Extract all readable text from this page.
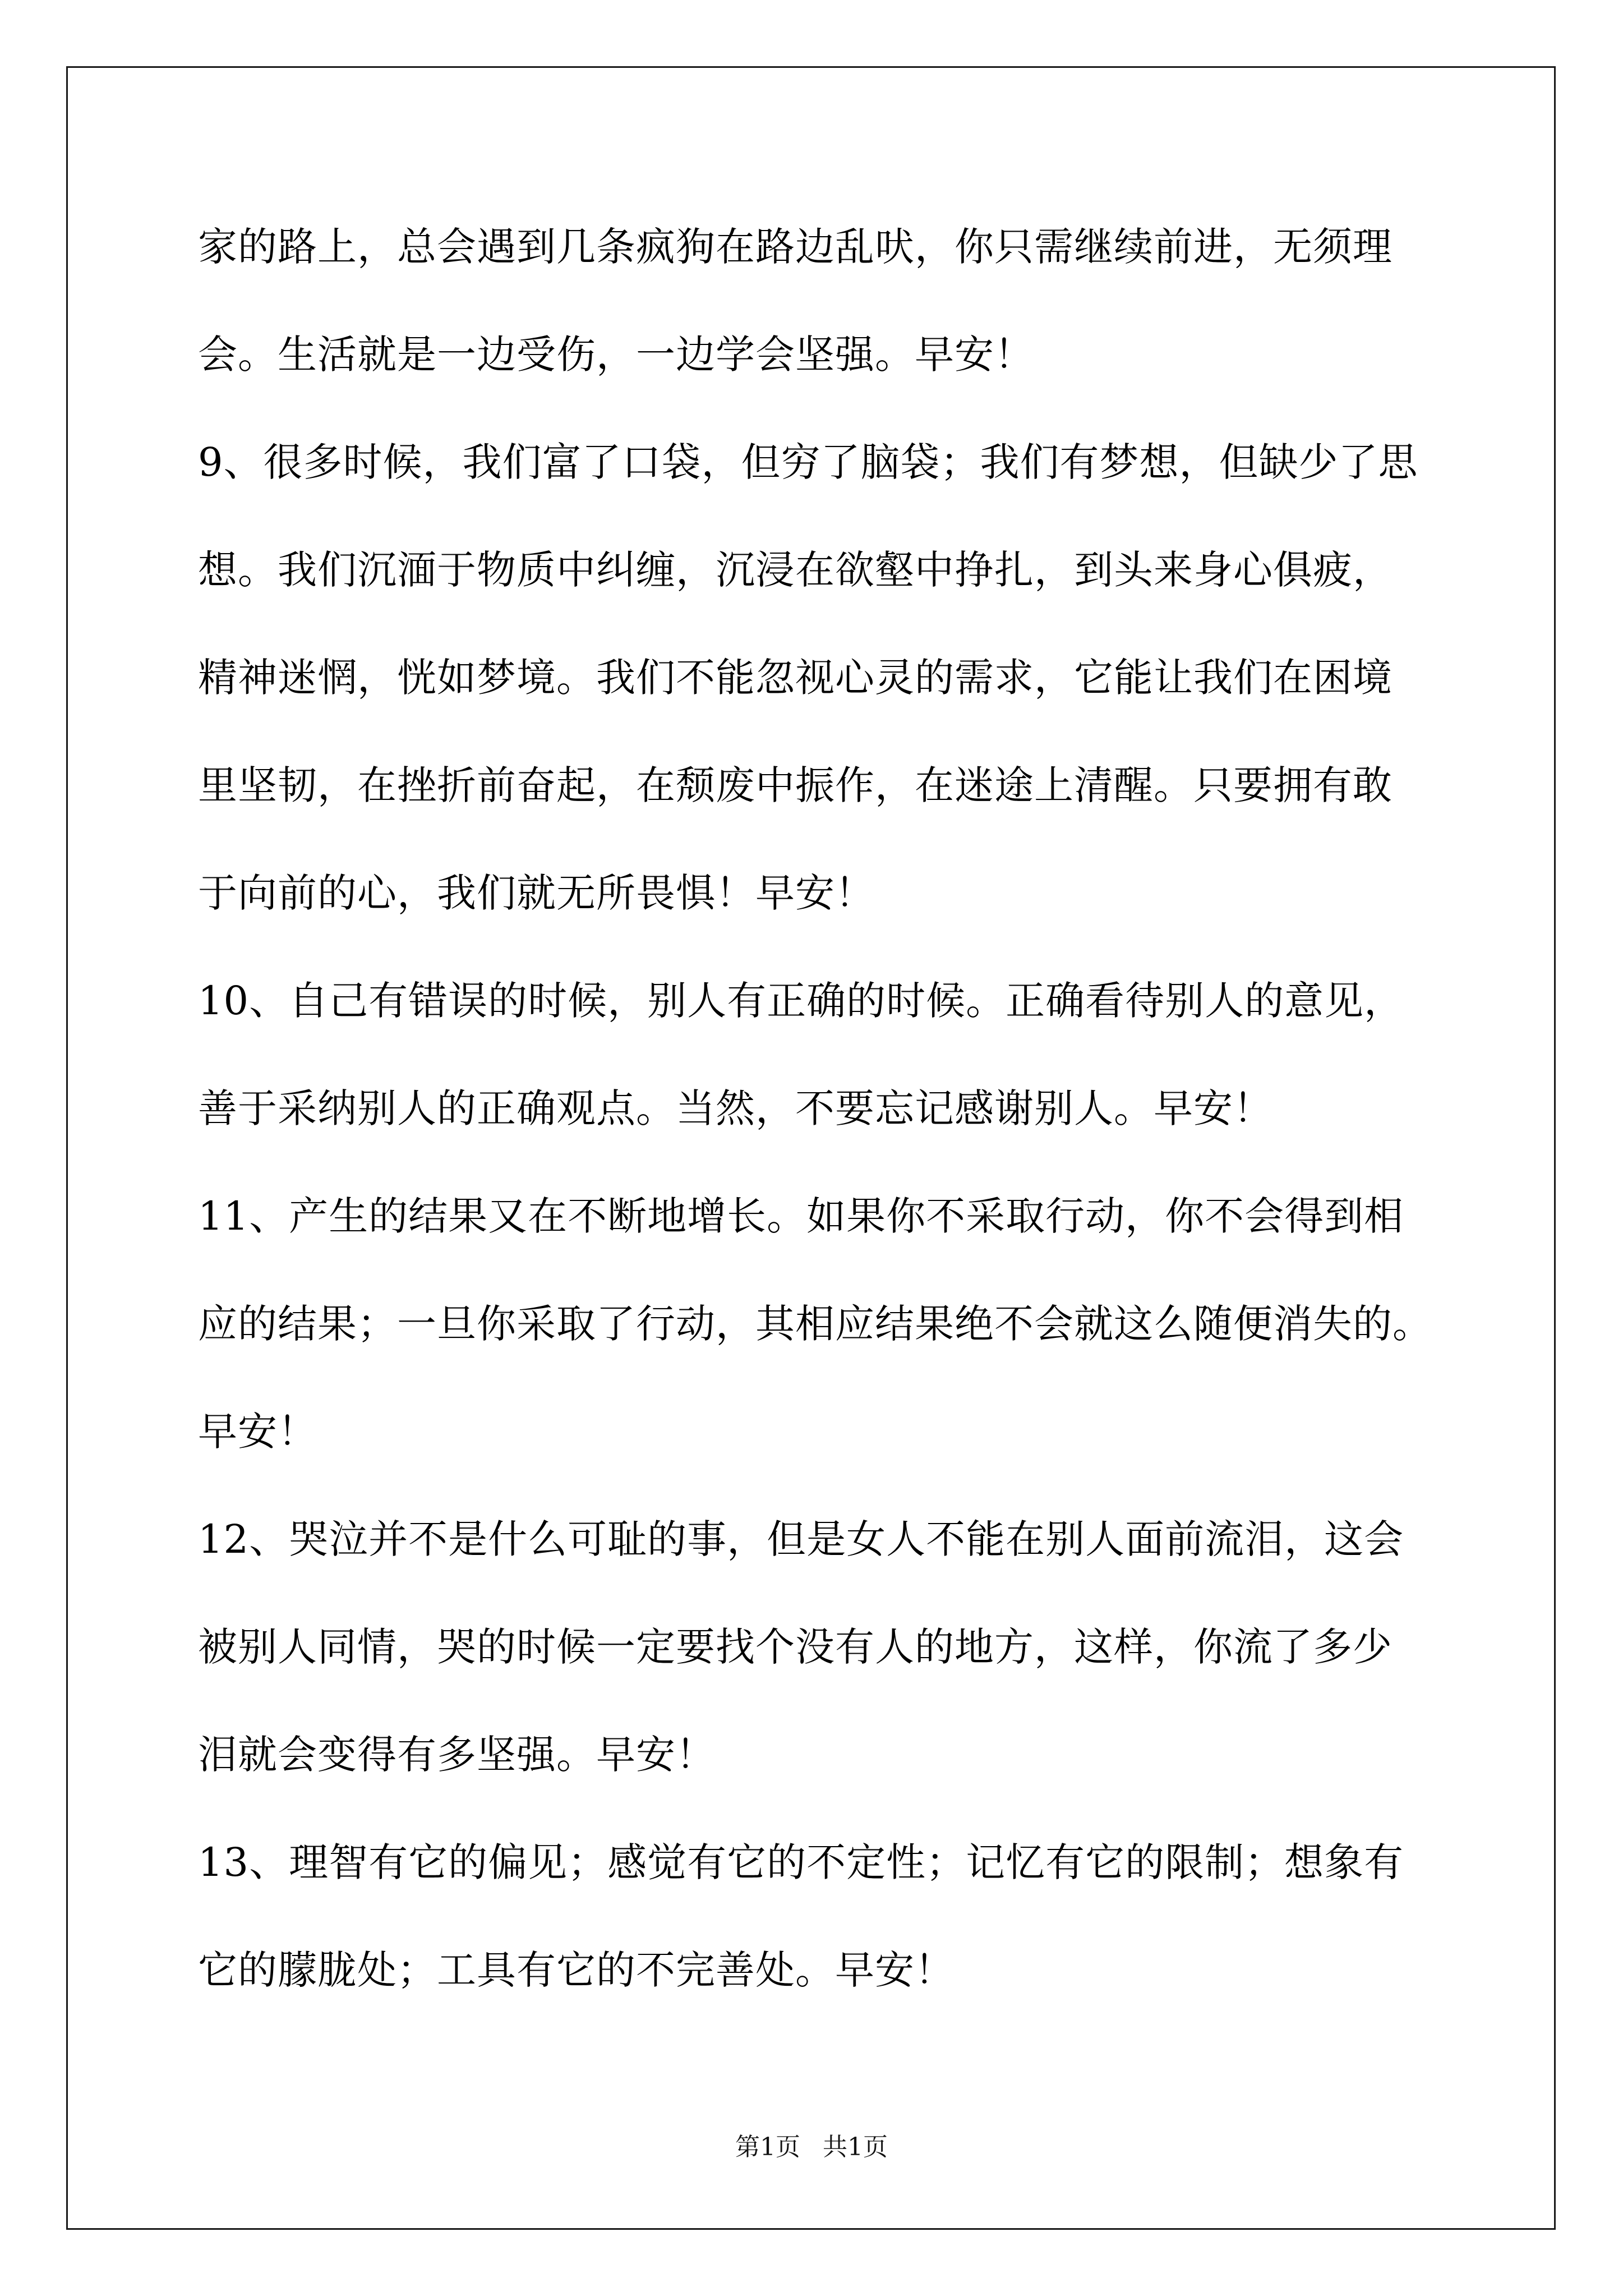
家的路上，总会遇到几条疯狗在路边乱吠，你只需继续前进，无须理
会。生活就是一边受伤，一边学会坚强。早安！
9、很多时候，我们富了口袋，但穷了脑袋；我们有梦想，但缺少了思
想。我们沉湎于物质中纠缠，沉浸在欲壑中挣扎，到头来身心俱疲，
精神迷惘，恍如梦境。我们不能忽视心灵的需求，它能让我们在困境
里坚韧，在挫折前奋起，在颓废中振作，在迷途上清醒。只要拥有敢
于向前的心，我们就无所畏惧！早安！
10、自己有错误的时候，别人有正确的时候。正确看待别人的意见，
善于采纳别人的正确观点。当然，不要忘记感谢别人。早安！
11、产生的结果又在不断地增长。如果你不采取行动，你不会得到相
应的结果；一旦你采取了行动，其相应结果绝不会就这么随便消失的。
早安！
12、哭泣并不是什么可耻的事，但是女人不能在别人面前流泪，这会
被别人同情，哭的时候一定要找个没有人的地方，这样，你流了多少
泪就会变得有多坚强。早安！
13、理智有它的偏见；感觉有它的不定性；记忆有它的限制；想象有
它的朦胧处；工具有它的不完善处。早安！
第1页 共1页
